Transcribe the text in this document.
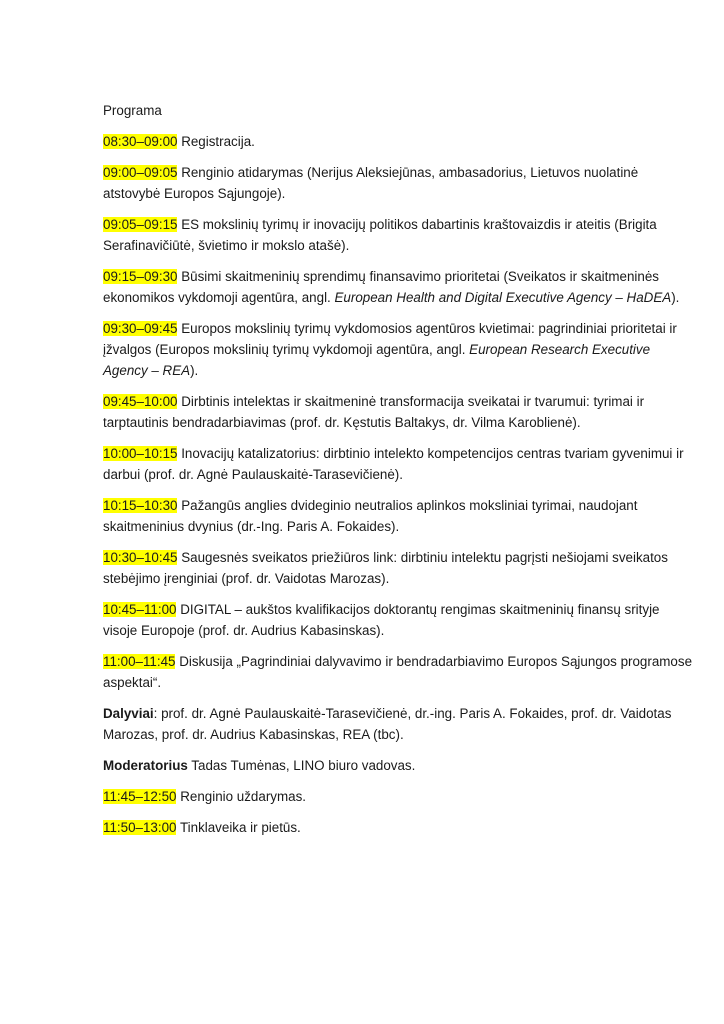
Programa

08:30–09:00 Registracija.

09:00–09:05 Renginio atidarymas (Nerijus Aleksiejūnas, ambasadorius, Lietuvos nuolatinė atstovybė Europos Sąjungoje).

09:05–09:15 ES mokslinių tyrimų ir inovacijų politikos dabartinis kraštovaizdis ir ateitis (Brigita Serafinavičiūtė, švietimo ir mokslo atašė).

09:15–09:30 Būsimi skaitmeninių sprendimų finansavimo prioritetai (Sveikatos ir skaitmeninės ekonomikos vykdomoji agentūra, angl. European Health and Digital Executive Agency – HaDEA).

09:30–09:45 Europos mokslinių tyrimų vykdomosios agentūros kvietimai: pagrindiniai prioritetai ir įžvalgos (Europos mokslinių tyrimų vykdomoji agentūra, angl. European Research Executive Agency – REA).

09:45–10:00 Dirbtinis intelektas ir skaitmeninė transformacija sveikatai ir tvarumui: tyrimai ir tarptautinis bendradarbiavimas (prof. dr. Kęstutis Baltakys, dr. Vilma Karoblienė).

10:00–10:15 Inovacijų katalizatorius: dirbtinio intelekto kompetencijos centras tvariam gyvenimui ir darbui (prof. dr. Agnė Paulauskaitė-Tarasevičienė).

10:15–10:30 Pažangūs anglies dvideginio neutralios aplinkos moksliniai tyrimai, naudojant skaitmeninius dvynius (dr.-Ing. Paris A. Fokaides).

10:30–10:45 Saugesnės sveikatos priežiūros link: dirbtiniu intelektu pagrįsti nešiojami sveikatos stebėjimo įrenginiai (prof. dr. Vaidotas Marozas).

10:45–11:00 DIGITAL – aukštos kvalifikacijos doktorantų rengimas skaitmeninių finansų srityje visoje Europoje (prof. dr. Audrius Kabasinskas).

11:00–11:45 Diskusija „Pagrindiniai dalyvavimo ir bendradarbiavimo Europos Sąjungos programose aspektai“.

Dalyviai: prof. dr. Agnė Paulauskaitė-Tarasevičienė, dr.-ing. Paris A. Fokaides, prof. dr. Vaidotas Marozas, prof. dr. Audrius Kabasinskas, REA (tbc).

Moderatorius Tadas Tumėnas, LINO biuro vadovas.

11:45–12:50 Renginio uždarymas.

11:50–13:00 Tinklaveika ir pietūs.
